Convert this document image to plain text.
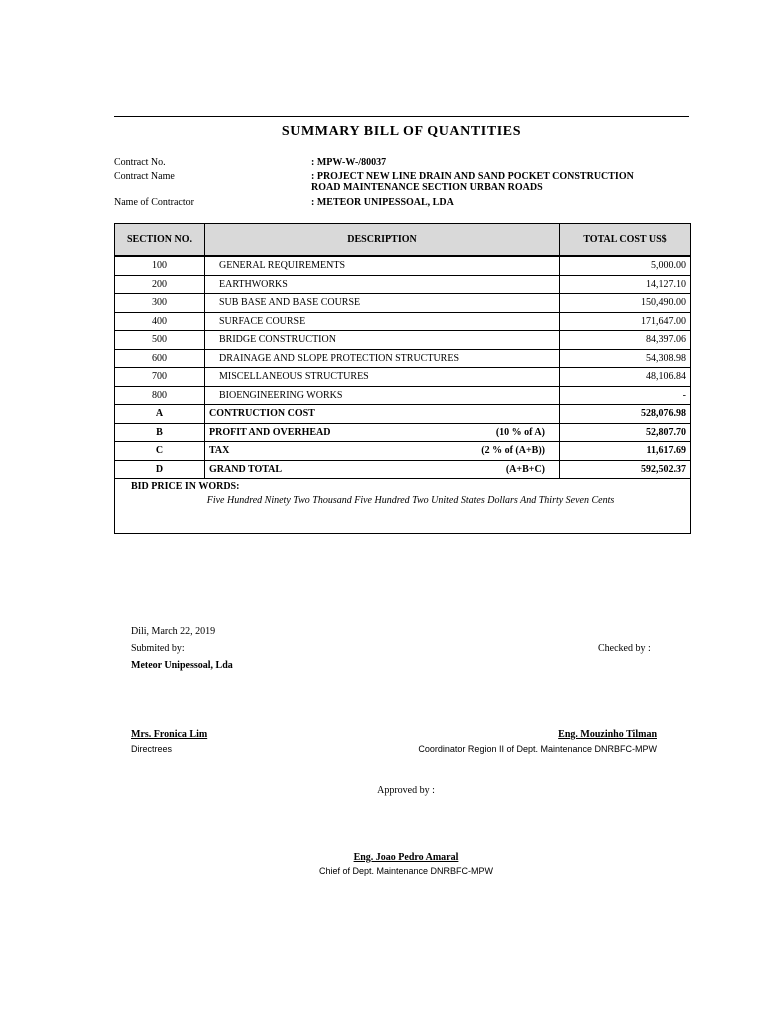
SUMMARY BILL OF QUANTITIES
Contract No.	: MPW-W-/80037
Contract Name	: PROJECT NEW LINE DRAIN AND SAND POCKET CONSTRUCTION
ROAD MAINTENANCE SECTION URBAN ROADS
Name of Contractor	: METEOR UNIPESSOAL, LDA
SECTION NO.	DESCRIPTION	TOTAL COST US$
100	GENERAL REQUIREMENTS	5,000.00
200	EARTHWORKS	14,127.10
300	SUB BASE AND BASE COURSE	150,490.00
400	SURFACE COURSE	171,647.00
500	BRIDGE CONSTRUCTION	84,397.06
600	DRAINAGE AND SLOPE PROTECTION STRUCTURES	54,308.98
700	MISCELLANEOUS STRUCTURES	48,106.84
800	BIOENGINEERING WORKS	-
A	CONTRUCTION COST	528,076.98
B	PROFIT AND OVERHEAD (10 % of A)	52,807.70
C	TAX (2 % of (A+B))	11,617.69
D	GRAND TOTAL (A+B+C)	592,502.37

BID PRICE IN WORDS:
Five Hundred Ninety Two Thousand Five Hundred Two United States Dollars And Thirty Seven Cents		
Dili, March 22, 2019
Submited by:	Checked by :
Meteor Unipessoal, Lda
Mrs. Fronica Lim
Directrees
Eng. Mouzinho Tilman
Coordinator Region II of Dept. Maintenance DNRBFC-MPW
Approved by :
Eng. Joao Pedro Amaral
Chief of Dept. Maintenance DNRBFC-MPW
